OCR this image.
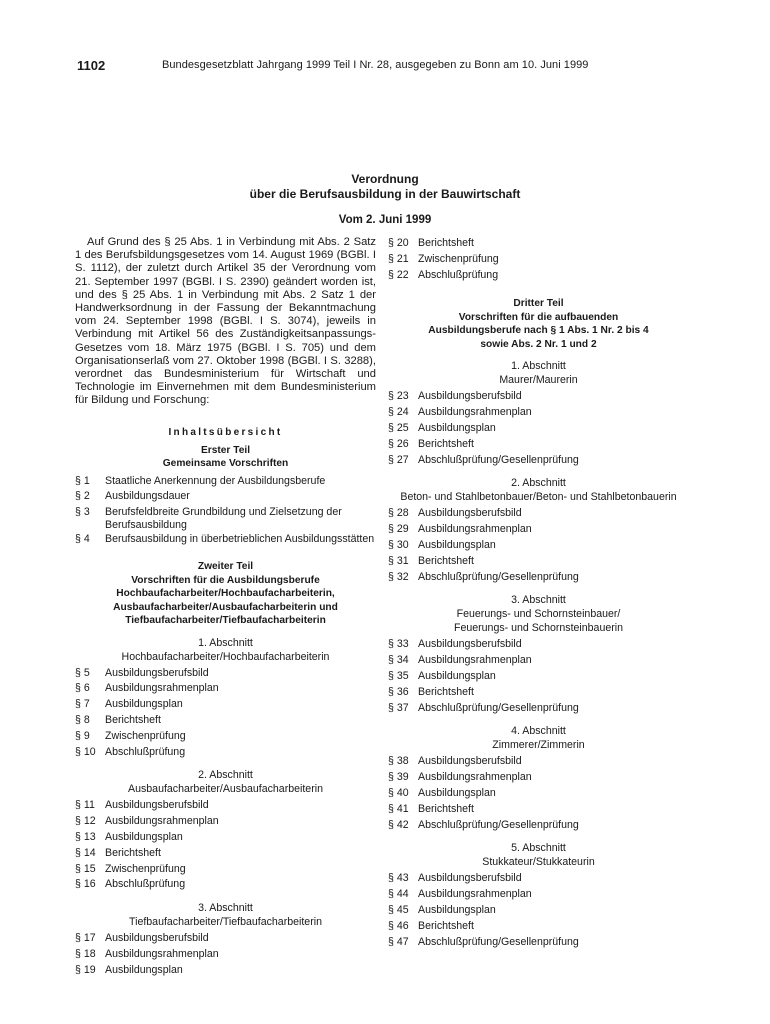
1102	Bundesgesetzblatt Jahrgang 1999 Teil I Nr. 28, ausgegeben zu Bonn am 10. Juni 1999
Verordnung
über die Berufsausbildung in der Bauwirtschaft
Vom 2. Juni 1999

Auf Grund des § 25 Abs. 1 in Verbindung mit Abs. 2 Satz 1 des Berufsbildungsgesetzes vom 14. August 1969 (BGBl. I S. 1112), der zuletzt durch Artikel 35 der Verordnung vom 21. September 1997 (BGBl. I S. 2390) geändert worden ist, und des § 25 Abs. 1 in Verbindung mit Abs. 2 Satz 1 der Handwerksordnung in der Fassung der Bekanntmachung vom 24. September 1998 (BGBl. I S. 3074), jeweils in Verbindung mit Artikel 56 des Zuständigkeitsanpassungs-Gesetzes vom 18. März 1975 (BGBl. I S. 705) und dem Organisationserlaß vom 27. Oktober 1998 (BGBl. I S. 3288), verordnet das Bundesministerium für Wirtschaft und Technologie im Einvernehmen mit dem Bundesministerium für Bildung und Forschung:

Inhaltsübersicht
Erster Teil
Gemeinsame Vorschriften
§ 1	Staatliche Anerkennung der Ausbildungsberufe
§ 2	Ausbildungsdauer
§ 3	Berufsfeldbreite Grundbildung und Zielsetzung der Berufsausbildung
§ 4	Berufsausbildung in überbetrieblichen Ausbildungsstätten
Zweiter Teil
Vorschriften für die Ausbildungsberufe Hochbaufacharbeiter/Hochbaufacharbeiterin, Ausbaufacharbeiter/Ausbaufacharbeiterin und Tiefbaufacharbeiter/Tiefbaufacharbeiterin
1. Abschnitt
Hochbaufacharbeiter/Hochbaufacharbeiterin
§ 5	Ausbildungsberufsbild
§ 6	Ausbildungsrahmenplan
§ 7	Ausbildungsplan
§ 8	Berichtsheft
§ 9	Zwischenprüfung
§ 10 Abschlußprüfung
2. Abschnitt
Ausbaufacharbeiter/Ausbaufacharbeiterin
§ 11 Ausbildungsberufsbild
§ 12 Ausbildungsrahmenplan
§ 13 Ausbildungsplan
§ 14 Berichtsheft
§ 15 Zwischenprüfung
§ 16 Abschlußprüfung
3. Abschnitt
Tiefbaufacharbeiter/Tiefbaufacharbeiterin
§ 17 Ausbildungsberufsbild
§ 18 Ausbildungsrahmenplan
§ 19 Ausbildungsplan
§ 20 Berichtsheft
§ 21 Zwischenprüfung
§ 22 Abschlußprüfung
Dritter Teil
Vorschriften für die aufbauenden Ausbildungsberufe nach § 1 Abs. 1 Nr. 2 bis 4 sowie Abs. 2 Nr. 1 und 2
1. Abschnitt
Maurer/Maurerin
§ 23 Ausbildungsberufsbild
§ 24 Ausbildungsrahmenplan
§ 25 Ausbildungsplan
§ 26 Berichtsheft
§ 27 Abschlußprüfung/Gesellenprüfung
2. Abschnitt
Beton- und Stahlbetonbauer/Beton- und Stahlbetonbauerin
§ 28 Ausbildungsberufsbild
§ 29 Ausbildungsrahmenplan
§ 30 Ausbildungsplan
§ 31 Berichtsheft
§ 32 Abschlußprüfung/Gesellenprüfung
3. Abschnitt
Feuerungs- und Schornsteinbauer/
Feuerungs- und Schornsteinbauerin
§ 33 Ausbildungsberufsbild
§ 34 Ausbildungsrahmenplan
§ 35 Ausbildungsplan
§ 36 Berichtsheft
§ 37 Abschlußprüfung/Gesellenprüfung
4. Abschnitt
Zimmerer/Zimmerin
§ 38 Ausbildungsberufsbild
§ 39 Ausbildungsrahmenplan
§ 40 Ausbildungsplan
§ 41 Berichtsheft
§ 42 Abschlußprüfung/Gesellenprüfung
5. Abschnitt
Stukkateur/Stukkateurin
§ 43 Ausbildungsberufsbild
§ 44 Ausbildungsrahmenplan
§ 45 Ausbildungsplan
§ 46 Berichtsheft
§ 47 Abschlußprüfung/Gesellenprüfung
